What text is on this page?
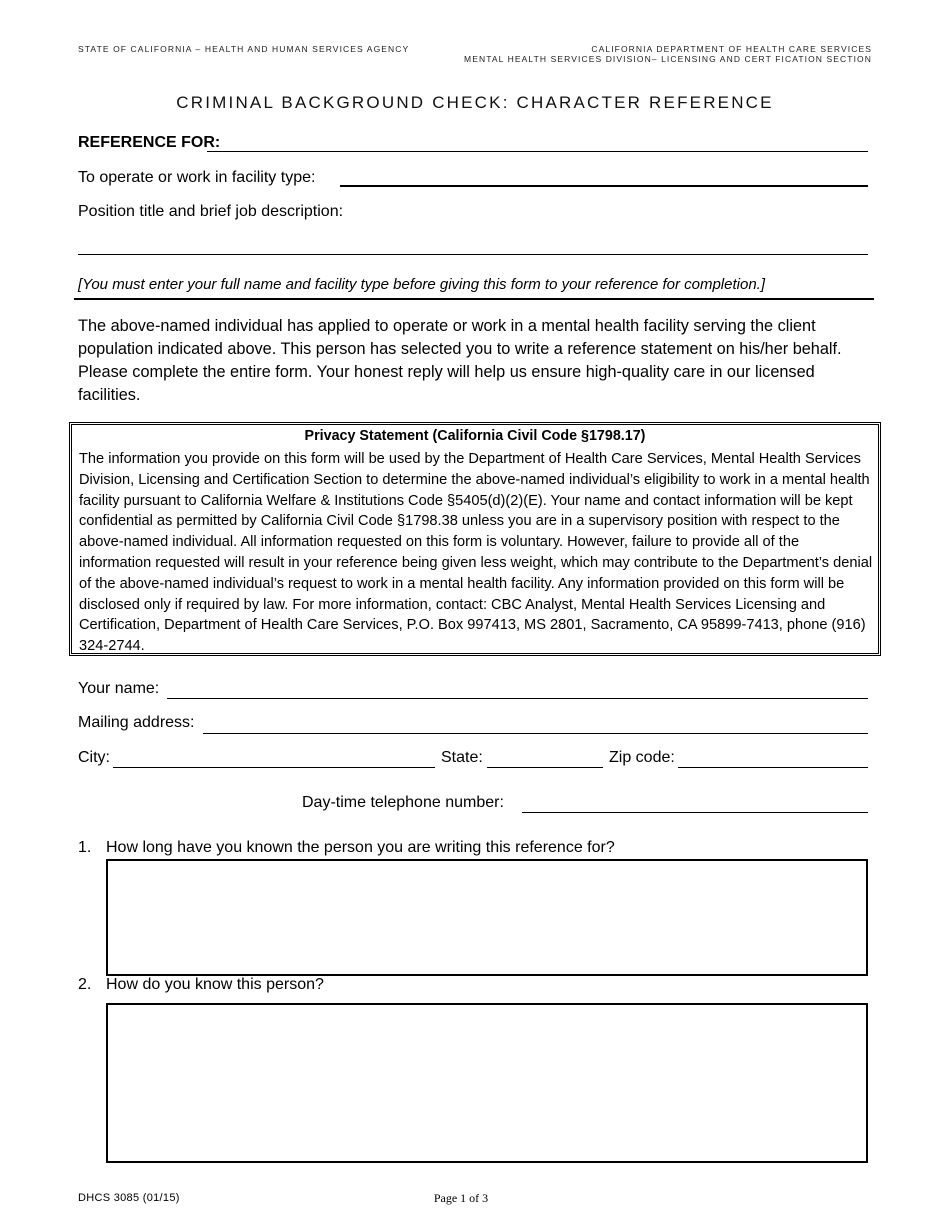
STATE OF CALIFORNIA – HEALTH AND HUMAN SERVICES AGENCY	CALIFORNIA DEPARTMENT OF HEALTH CARE SERVICES
MENTAL HEALTH SERVICES DIVISION– LICENSING AND CERT FICATION SECTION
CRIMINAL BACKGROUND CHECK: CHARACTER REFERENCE
REFERENCE FOR:
To operate or work in facility type:
Position title and brief job description:
[You must enter your full name and facility type before giving this form to your reference for completion.]
The above-named individual has applied to operate or work in a mental health facility serving the client population indicated above. This person has selected you to write a reference statement on his/her behalf. Please complete the entire form. Your honest reply will help us ensure high-quality care in our licensed facilities.
Privacy Statement (California Civil Code §1798.17)
The information you provide on this form will be used by the Department of Health Care Services, Mental Health Services Division, Licensing and Certification Section to determine the above-named individual’s eligibility to work in a mental health facility pursuant to California Welfare & Institutions Code §5405(d)(2)(E). Your name and contact information will be kept confidential as permitted by California Civil Code §1798.38 unless you are in a supervisory position with respect to the above-named individual. All information requested on this form is voluntary. However, failure to provide all of the information requested will result in your reference being given less weight, which may contribute to the Department’s denial of the above-named individual’s request to work in a mental health facility. Any information provided on this form will be disclosed only if required by law. For more information, contact: CBC Analyst, Mental Health Services Licensing and Certification, Department of Health Care Services, P.O. Box 997413, MS 2801, Sacramento, CA 95899-7413, phone (916) 324-2744.
Your name:
Mailing address:
City:	State:	Zip code:
Day-time telephone number:
1. How long have you known the person you are writing this reference for?
2. How do you know this person?
DHCS 3085 (01/15)	Page 1 of 3
